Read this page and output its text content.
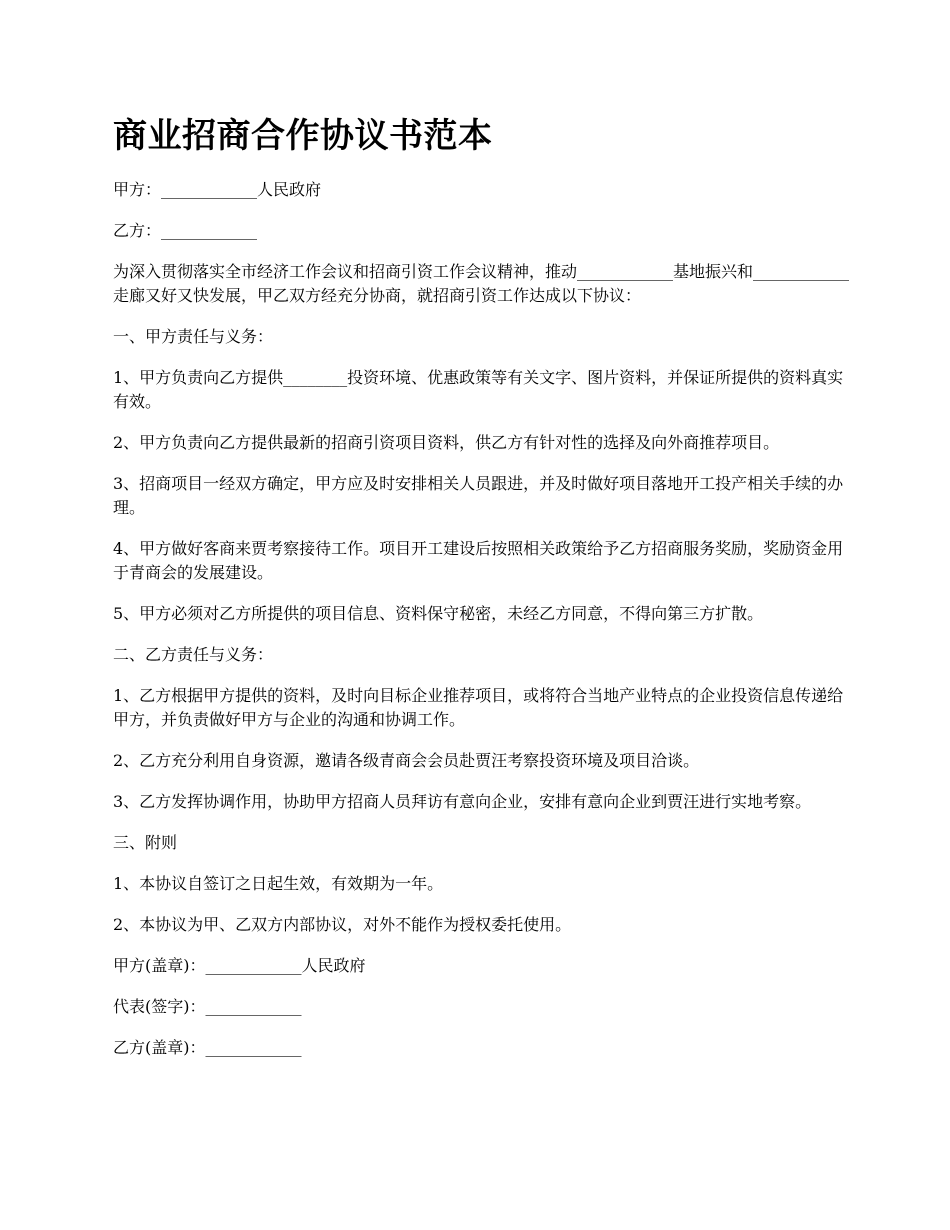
商业招商合作协议书范本

甲方：____________人民政府

乙方：____________

为深入贯彻落实全市经济工作会议和招商引资工作会议精神，推动____________基地振兴和____________走廊又好又快发展，甲乙双方经充分协商，就招商引资工作达成以下协议：

一、甲方责任与义务：

1、甲方负责向乙方提供________投资环境、优惠政策等有关文字、图片资料，并保证所提供的资料真实有效。

2、甲方负责向乙方提供最新的招商引资项目资料，供乙方有针对性的选择及向外商推荐项目。

3、招商项目一经双方确定，甲方应及时安排相关人员跟进，并及时做好项目落地开工投产相关手续的办理。

4、甲方做好客商来贾考察接待工作。项目开工建设后按照相关政策给予乙方招商服务奖励，奖励资金用于青商会的发展建设。

5、甲方必须对乙方所提供的项目信息、资料保守秘密，未经乙方同意，不得向第三方扩散。

二、乙方责任与义务：

1、乙方根据甲方提供的资料，及时向目标企业推荐项目，或将符合当地产业特点的企业投资信息传递给甲方，并负责做好甲方与企业的沟通和协调工作。

2、乙方充分利用自身资源，邀请各级青商会会员赴贾汪考察投资环境及项目洽谈。

3、乙方发挥协调作用，协助甲方招商人员拜访有意向企业，安排有意向企业到贾汪进行实地考察。

三、附则

1、本协议自签订之日起生效，有效期为一年。

2、本协议为甲、乙双方内部协议，对外不能作为授权委托使用。

甲方(盖章)：____________人民政府

代表(签字)：____________

乙方(盖章)：____________
